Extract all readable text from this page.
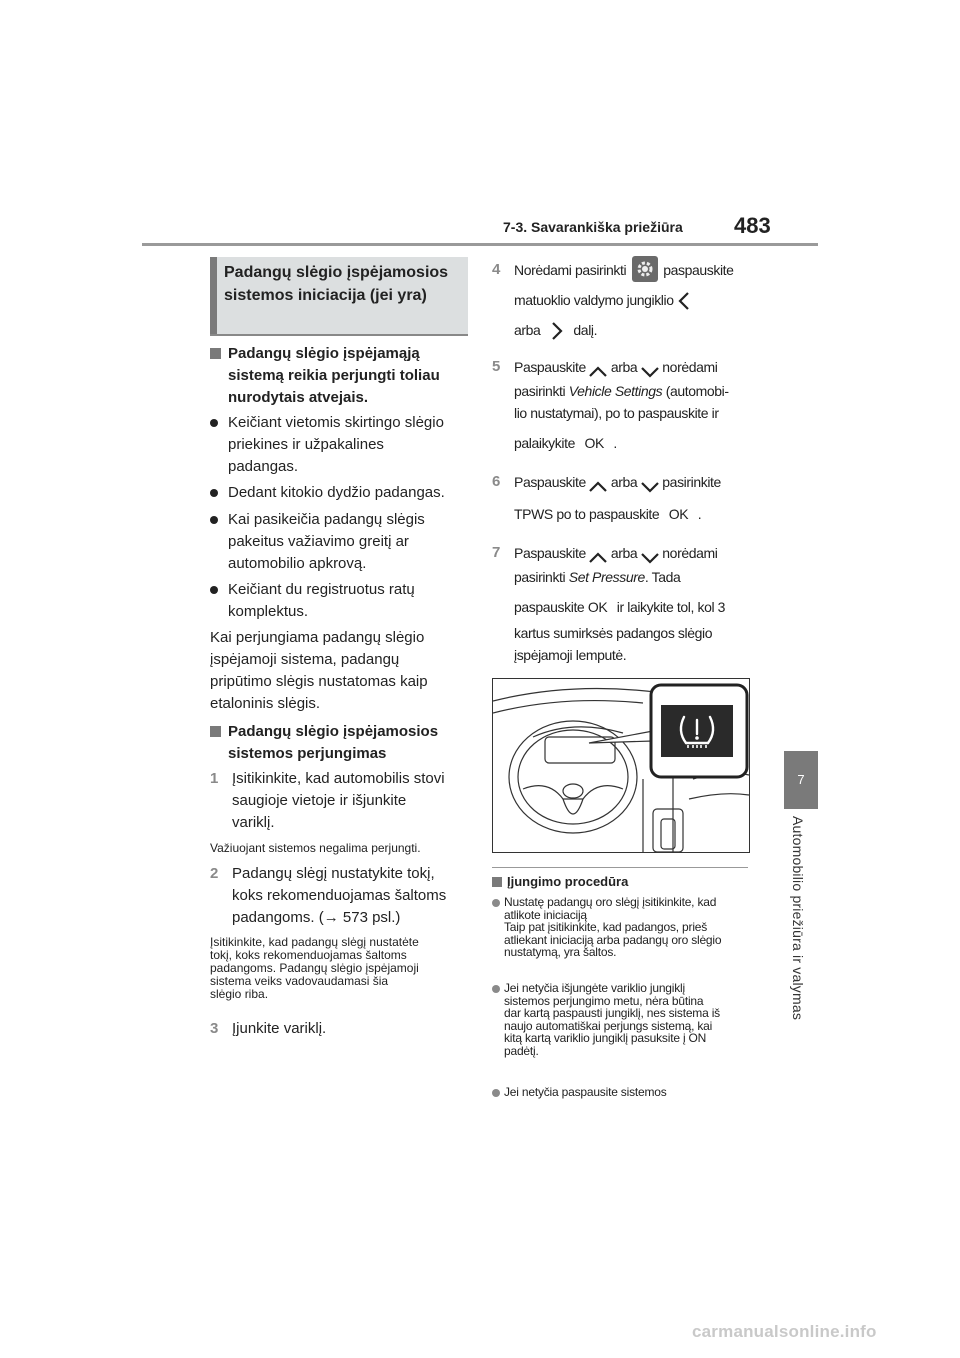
7-3. Savarankiška priežiūra 483
7
Automobilio priežiūra ir valymas
Padangų slėgio įspėjamosios sistemos iniciacija (jei yra)
Padangų slėgio įspėjamąją
sistemą reikia perjungti toliau
nurodytais atvejais.
Keičiant vietomis skirtingo slėgio
priekines ir užpakalines
padangas.
Dedant kitokio dydžio padangas.
Kai pasikeičia padangų slėgis
pakeitus važiavimo greitį ar
automobilio apkrovą.
Keičiant du registruotus ratų
komplektus.
Kai perjungiama padangų slėgio
įspėjamoji sistema, padangų
pripūtimo slėgis nustatomas kaip
etaloninis slėgis.
Padangų slėgio įspėjamosios
sistemos perjungimas
1 Įsitikinkite, kad automobilis stovi
saugioje vietoje ir išjunkite
variklį.
Važiuojant sistemos negalima perjungti.
2 Padangų slėgį nustatykite tokį,
koks rekomenduojamas šaltoms
padangoms. (→ 573 psl.)
Įsitikinkite, kad padangų slėgį nustatėte
tokį, koks rekomenduojamas šaltoms
padangoms. Padangų slėgio įspėjamoji
sistema veiks vadovaudamasi šia
slėgio riba.
3 Įjunkite variklį.
4 Norėdami pasirinkti	paspauskite
matuoklio valdymo jungiklio
arba dalį.
5 Paspauskite arba norėdami
pasirinkti Vehicle Settings (automobi-
lio nustatymai), po to paspauskite ir
palaikykite OK .
6 Paspauskite arba pasirinkite
TPWS po to paspauskite OK .
7 Paspauskite arba norėdami
pasirinkti Set Pressure. Tada
paspauskite OK ir laikykite tol, kol 3
kartus sumirksės padangos slėgio
įspėjamoji lemputė.
Įjungimo procedūra
Nustatę padangų oro slėgį įsitikinkite, kad
atlikote iniciaciją
Taip pat įsitikinkite, kad padangos, prieš
atliekant iniciaciją arba padangų oro slėgio
nustatymą, yra šaltos.
Jei netyčia išjungėte variklio jungiklį
sistemos perjungimo metu, nėra būtina
dar kartą paspausti jungiklį, nes sistema iš
naujo automatiškai perjungs sistemą, kai
kitą kartą variklio jungiklį pasuksite į ON
padėtį.
Jei netyčia paspausite sistemos
carmanualsonline.info
